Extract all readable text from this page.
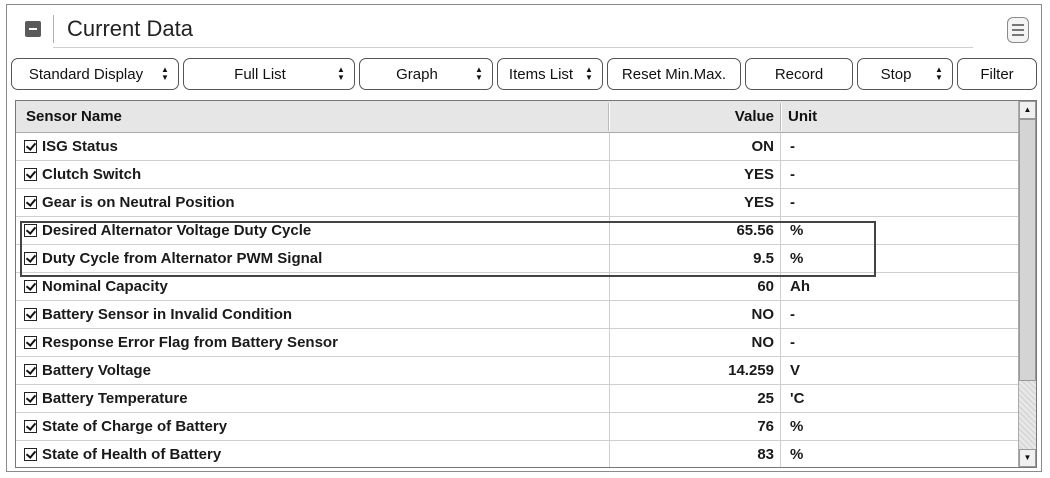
Current Data
Standard Display	▲
▼	Full List	▲
▼	Graph	▲
▼	Items List	▲
▼	Reset Min.Max.	Record	Stop	▲
▼	Filter
Sensor Name	Value Unit
ISG Status	ON -
Clutch Switch	YES -
Gear is on Neutral Position	YES -
Desired Alternator Voltage Duty Cycle	65.56 %
Duty Cycle from Alternator PWM Signal	9.5 %
Nominal Capacity	60 Ah
Battery Sensor in Invalid Condition	NO -
Response Error Flag from Battery Sensor	NO -
Battery Voltage	14.259 V
Battery Temperature	25 'C
State of Charge of Battery	76 %
State of Health of Battery	83 %
▲
▼
